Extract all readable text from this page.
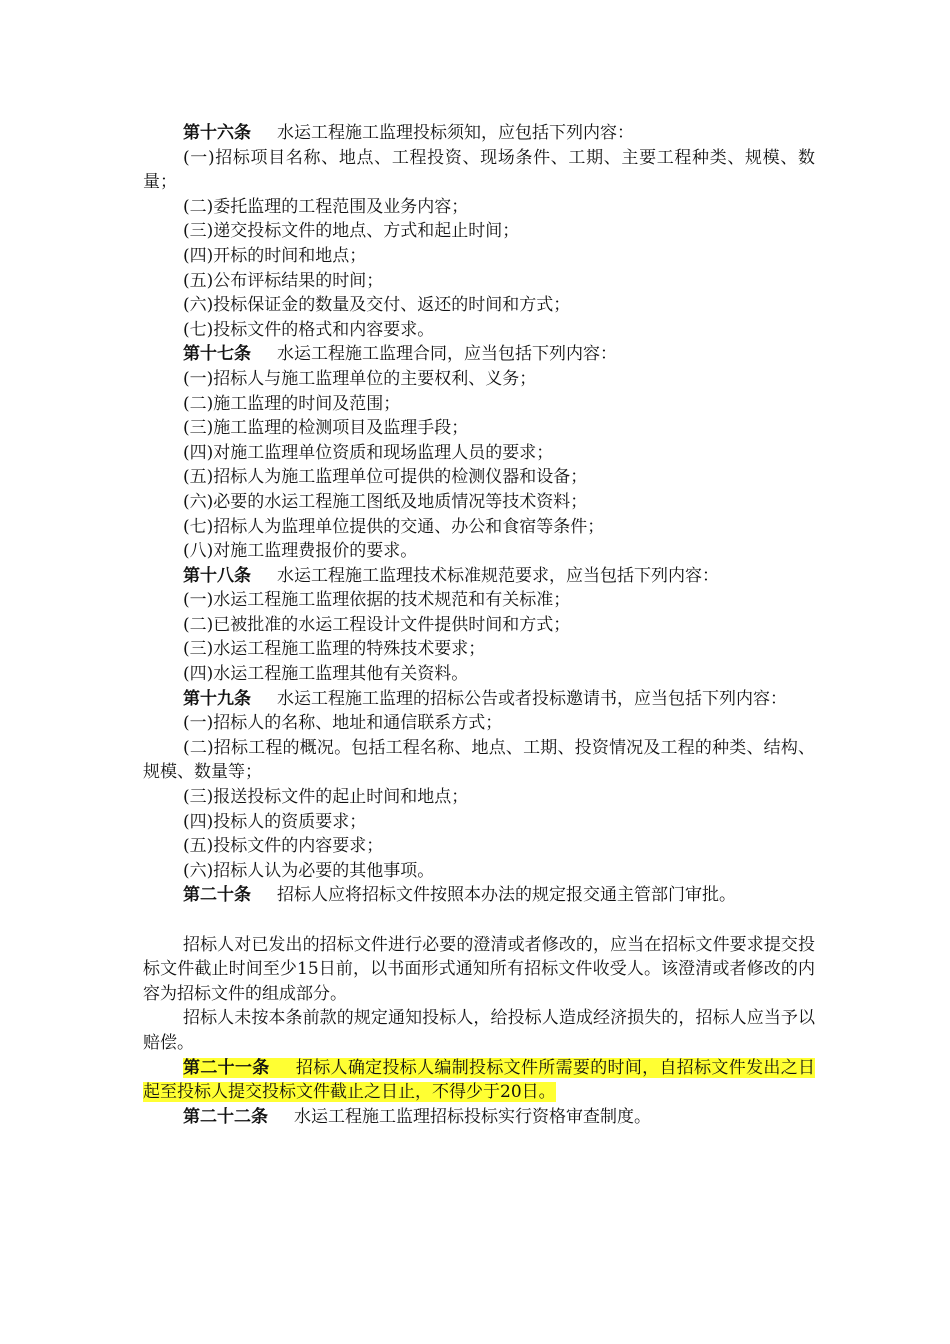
第十六条 水运工程施工监理投标须知，应包括下列内容：

(一)招标项目名称、地点、工程投资、现场条件、工期、主要工程种类、规模、数量；

(二)委托监理的工程范围及业务内容；

(三)递交投标文件的地点、方式和起止时间；

(四)开标的时间和地点；

(五)公布评标结果的时间；

(六)投标保证金的数量及交付、返还的时间和方式；

(七)投标文件的格式和内容要求。

第十七条 水运工程施工监理合同，应当包括下列内容：

(一)招标人与施工监理单位的主要权利、义务；

(二)施工监理的时间及范围；

(三)施工监理的检测项目及监理手段；

(四)对施工监理单位资质和现场监理人员的要求；

(五)招标人为施工监理单位可提供的检测仪器和设备；

(六)必要的水运工程施工图纸及地质情况等技术资料；

(七)招标人为监理单位提供的交通、办公和食宿等条件；

(八)对施工监理费报价的要求。

第十八条 水运工程施工监理技术标准规范要求，应当包括下列内容：

(一)水运工程施工监理依据的技术规范和有关标准；

(二)已被批准的水运工程设计文件提供时间和方式；

(三)水运工程施工监理的特殊技术要求；

(四)水运工程施工监理其他有关资料。

第十九条 水运工程施工监理的招标公告或者投标邀请书，应当包括下列内容：

(一)招标人的名称、地址和通信联系方式；

(二)招标工程的概况。包括工程名称、地点、工期、投资情况及工程的种类、结构、规模、数量等；

(三)报送投标文件的起止时间和地点；

(四)投标人的资质要求；

(五)投标文件的内容要求；

(六)招标人认为必要的其他事项。

第二十条 招标人应将招标文件按照本办法的规定报交通主管部门审批。

招标人对已发出的招标文件进行必要的澄清或者修改的，应当在招标文件要求提交投标文件截止时间至少15日前，以书面形式通知所有招标文件收受人。该澄清或者修改的内容为招标文件的组成部分。

招标人未按本条前款的规定通知投标人，给投标人造成经济损失的，招标人应当予以赔偿。

第二十一条 招标人确定投标人编制投标文件所需要的时间，自招标文件发出之日起至投标人提交投标文件截止之日止，不得少于20日。

第二十二条 水运工程施工监理招标投标实行资格审查制度。
